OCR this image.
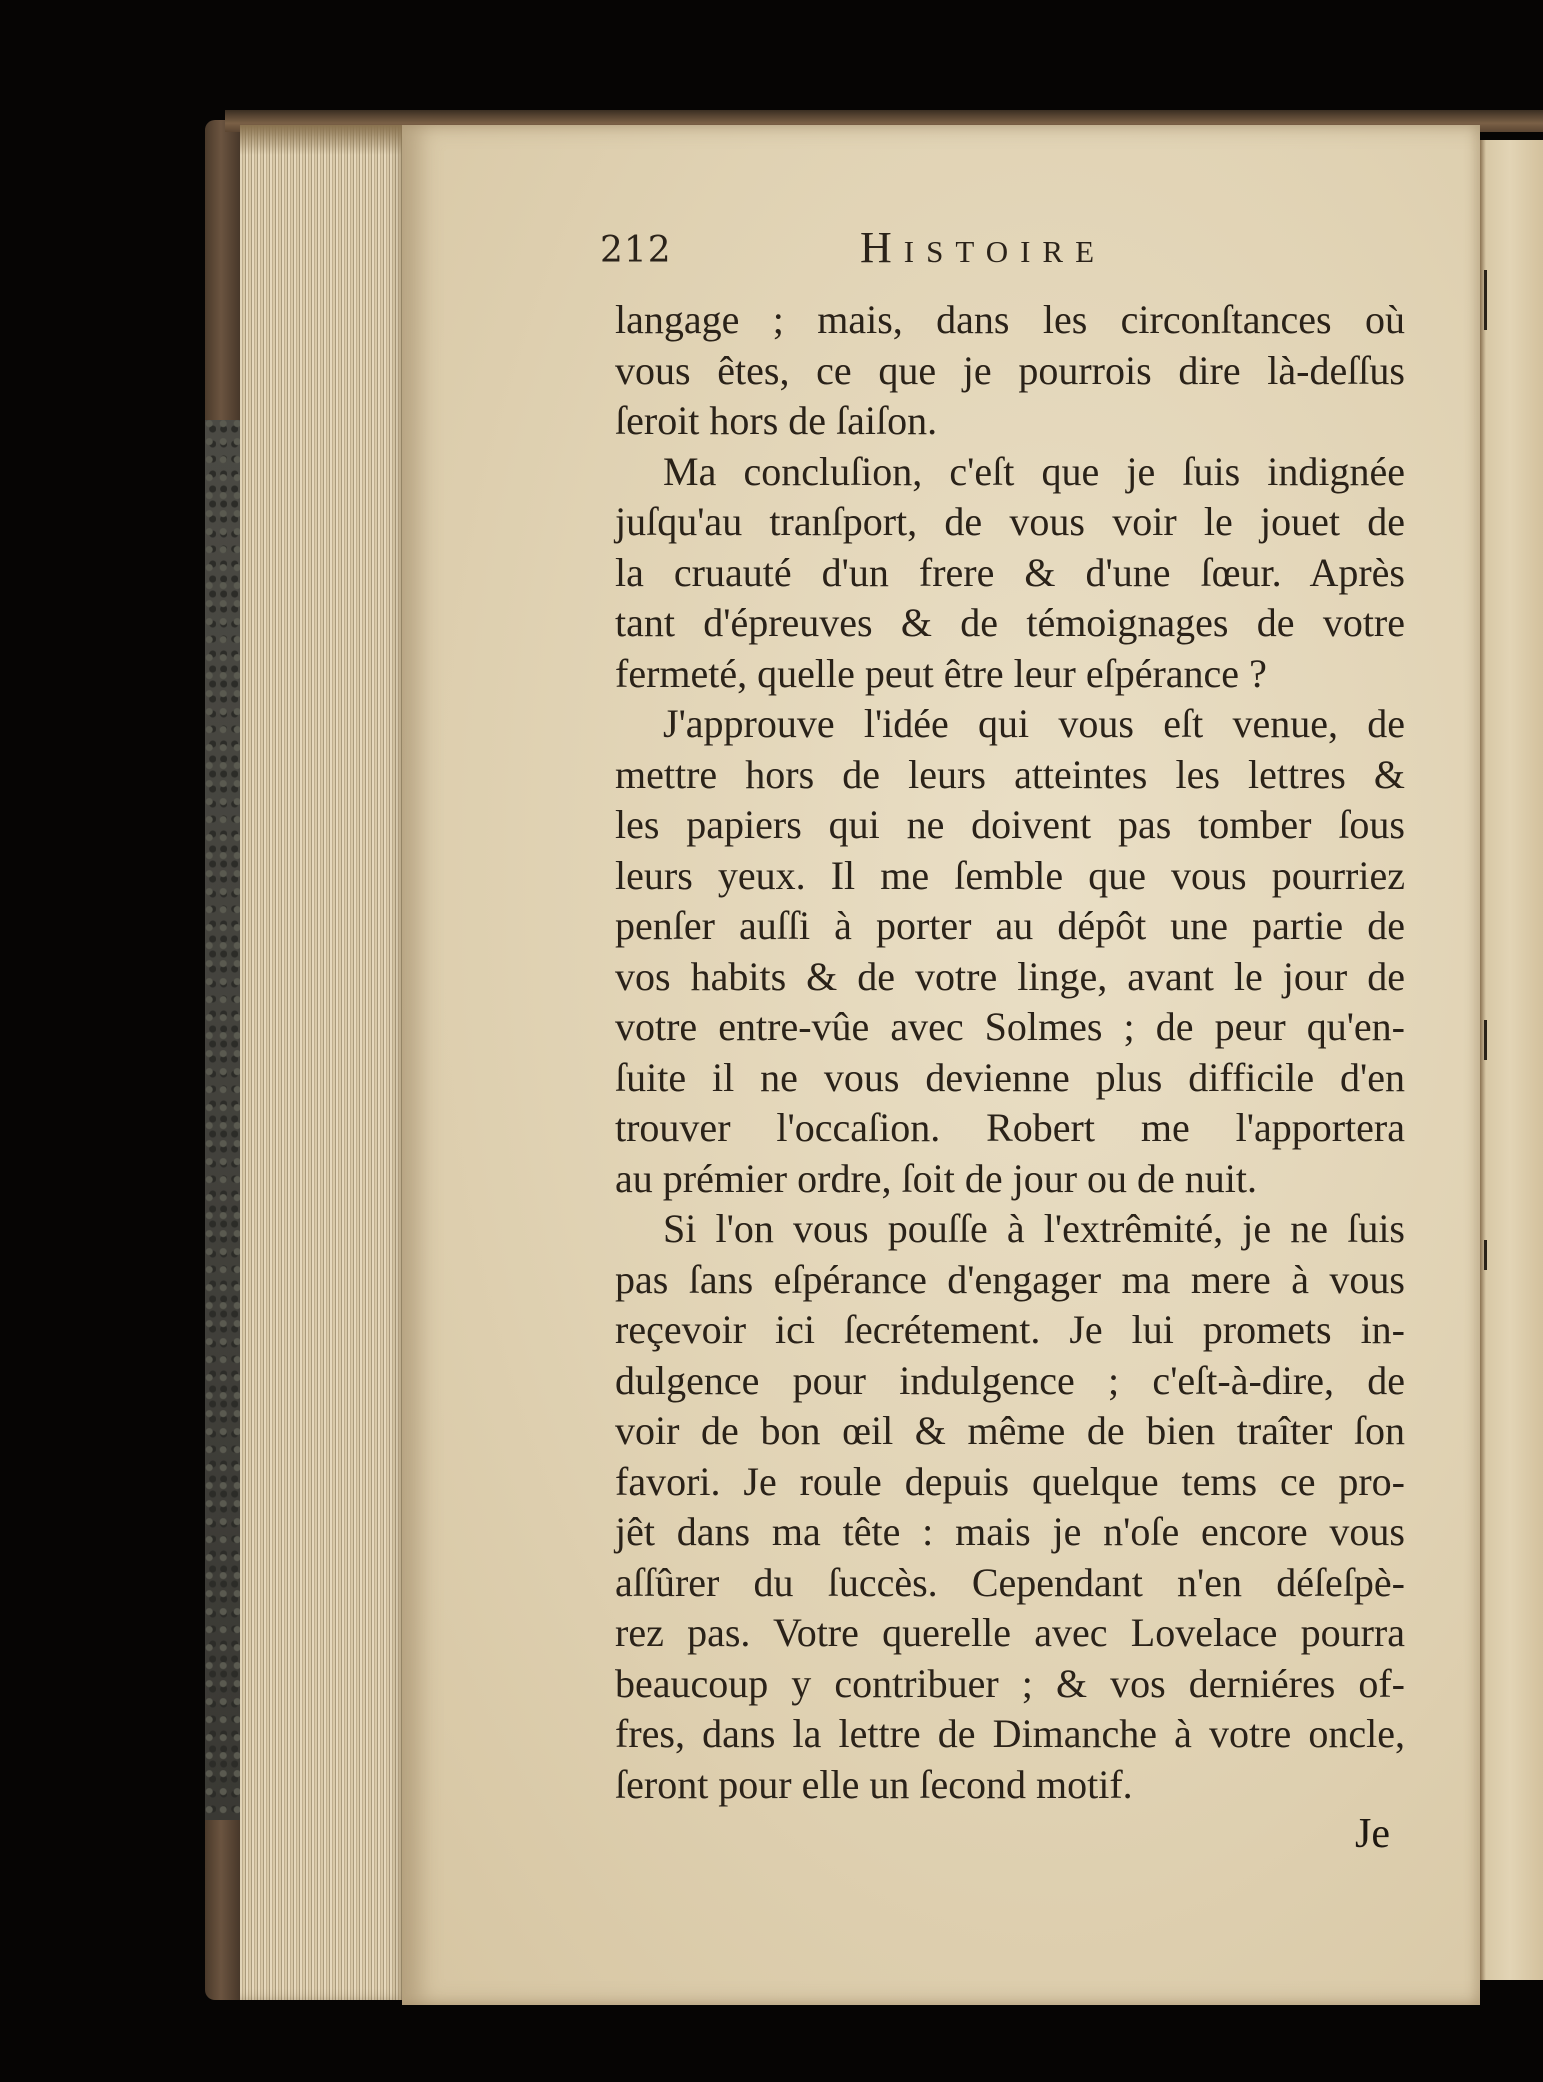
212	Histoire
langage ; mais, dans les circonſtances où
vous êtes, ce que je pourrois dire là-deſſus
ſeroit hors de ſaiſon.
Ma concluſion, c'eſt que je ſuis indignée
juſqu'au tranſport, de vous voir le jouet de
la cruauté d'un frere & d'une ſœur. Après
tant d'épreuves & de témoignages de votre
fermeté, quelle peut être leur eſpérance ?
J'approuve l'idée qui vous eſt venue, de
mettre hors de leurs atteintes les lettres &
les papiers qui ne doivent pas tomber ſous
leurs yeux. Il me ſemble que vous pourriez
penſer auſſi à porter au dépôt une partie de
vos habits & de votre linge, avant le jour de
votre entre-vûe avec Solmes ; de peur qu'en-
ſuite il ne vous devienne plus difficile d'en
trouver l'occaſion. Robert me l'apportera
au prémier ordre, ſoit de jour ou de nuit.
Si l'on vous pouſſe à l'extrêmité, je ne ſuis
pas ſans eſpérance d'engager ma mere à vous
reçevoir ici ſecrétement. Je lui promets in-
dulgence pour indulgence ; c'eſt-à-dire, de
voir de bon œil & même de bien traîter ſon
favori. Je roule depuis quelque tems ce pro-
jêt dans ma tête : mais je n'oſe encore vous
aſſûrer du ſuccès. Cependant n'en déſeſpè-
rez pas. Votre querelle avec Lovelace pourra
beaucoup y contribuer ; & vos derniéres of-
fres, dans la lettre de Dimanche à votre oncle,
ſeront pour elle un ſecond motif.
Je
